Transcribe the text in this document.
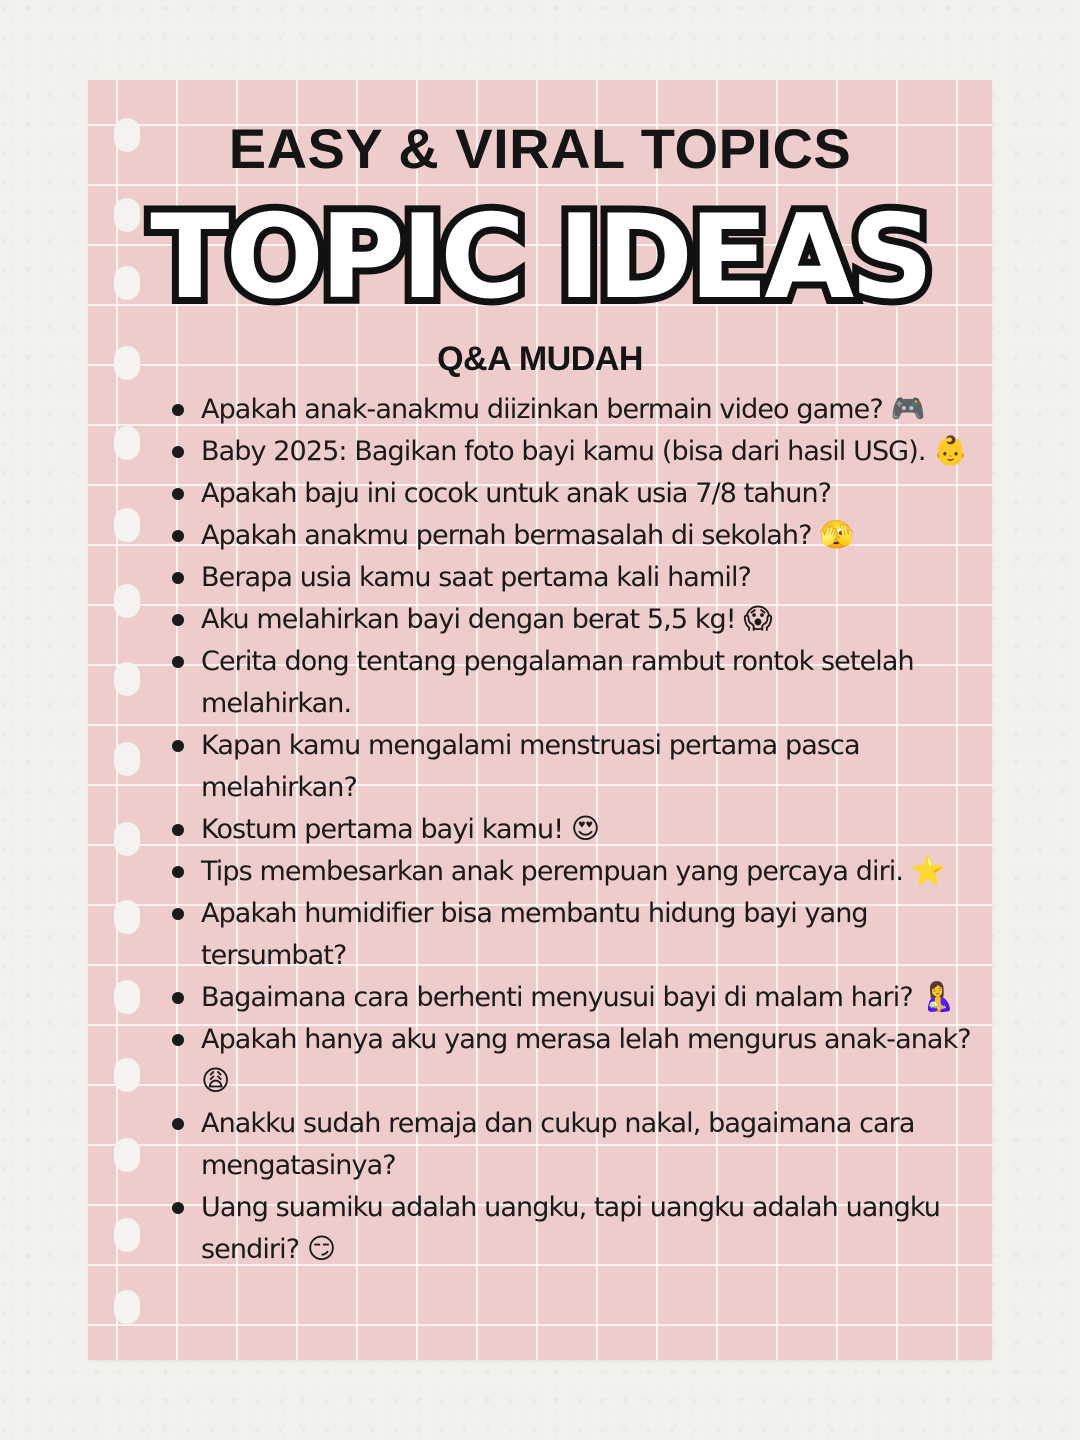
EASY & VIRAL TOPICS
TOPIC IDEAS
Q&A MUDAH
Apakah anak-anakmu diizinkan bermain video game? 🎮
Baby 2025: Bagikan foto bayi kamu (bisa dari hasil USG). 👶
Apakah baju ini cocok untuk anak usia 7/8 tahun?
Apakah anakmu pernah bermasalah di sekolah? 🫣
Berapa usia kamu saat pertama kali hamil?
Aku melahirkan bayi dengan berat 5,5 kg! 😱
Cerita dong tentang pengalaman rambut rontok setelah melahirkan.
Kapan kamu mengalami menstruasi pertama pasca melahirkan?
Kostum pertama bayi kamu! 😍
Tips membesarkan anak perempuan yang percaya diri. ⭐
Apakah humidifier bisa membantu hidung bayi yang tersumbat?
Bagaimana cara berhenti menyusui bayi di malam hari? 🤱
Apakah hanya aku yang merasa lelah mengurus anak-anak? 😩
Anakku sudah remaja dan cukup nakal, bagaimana cara mengatasinya?
Uang suamiku adalah uangku, tapi uangku adalah uangku sendiri? 😏
